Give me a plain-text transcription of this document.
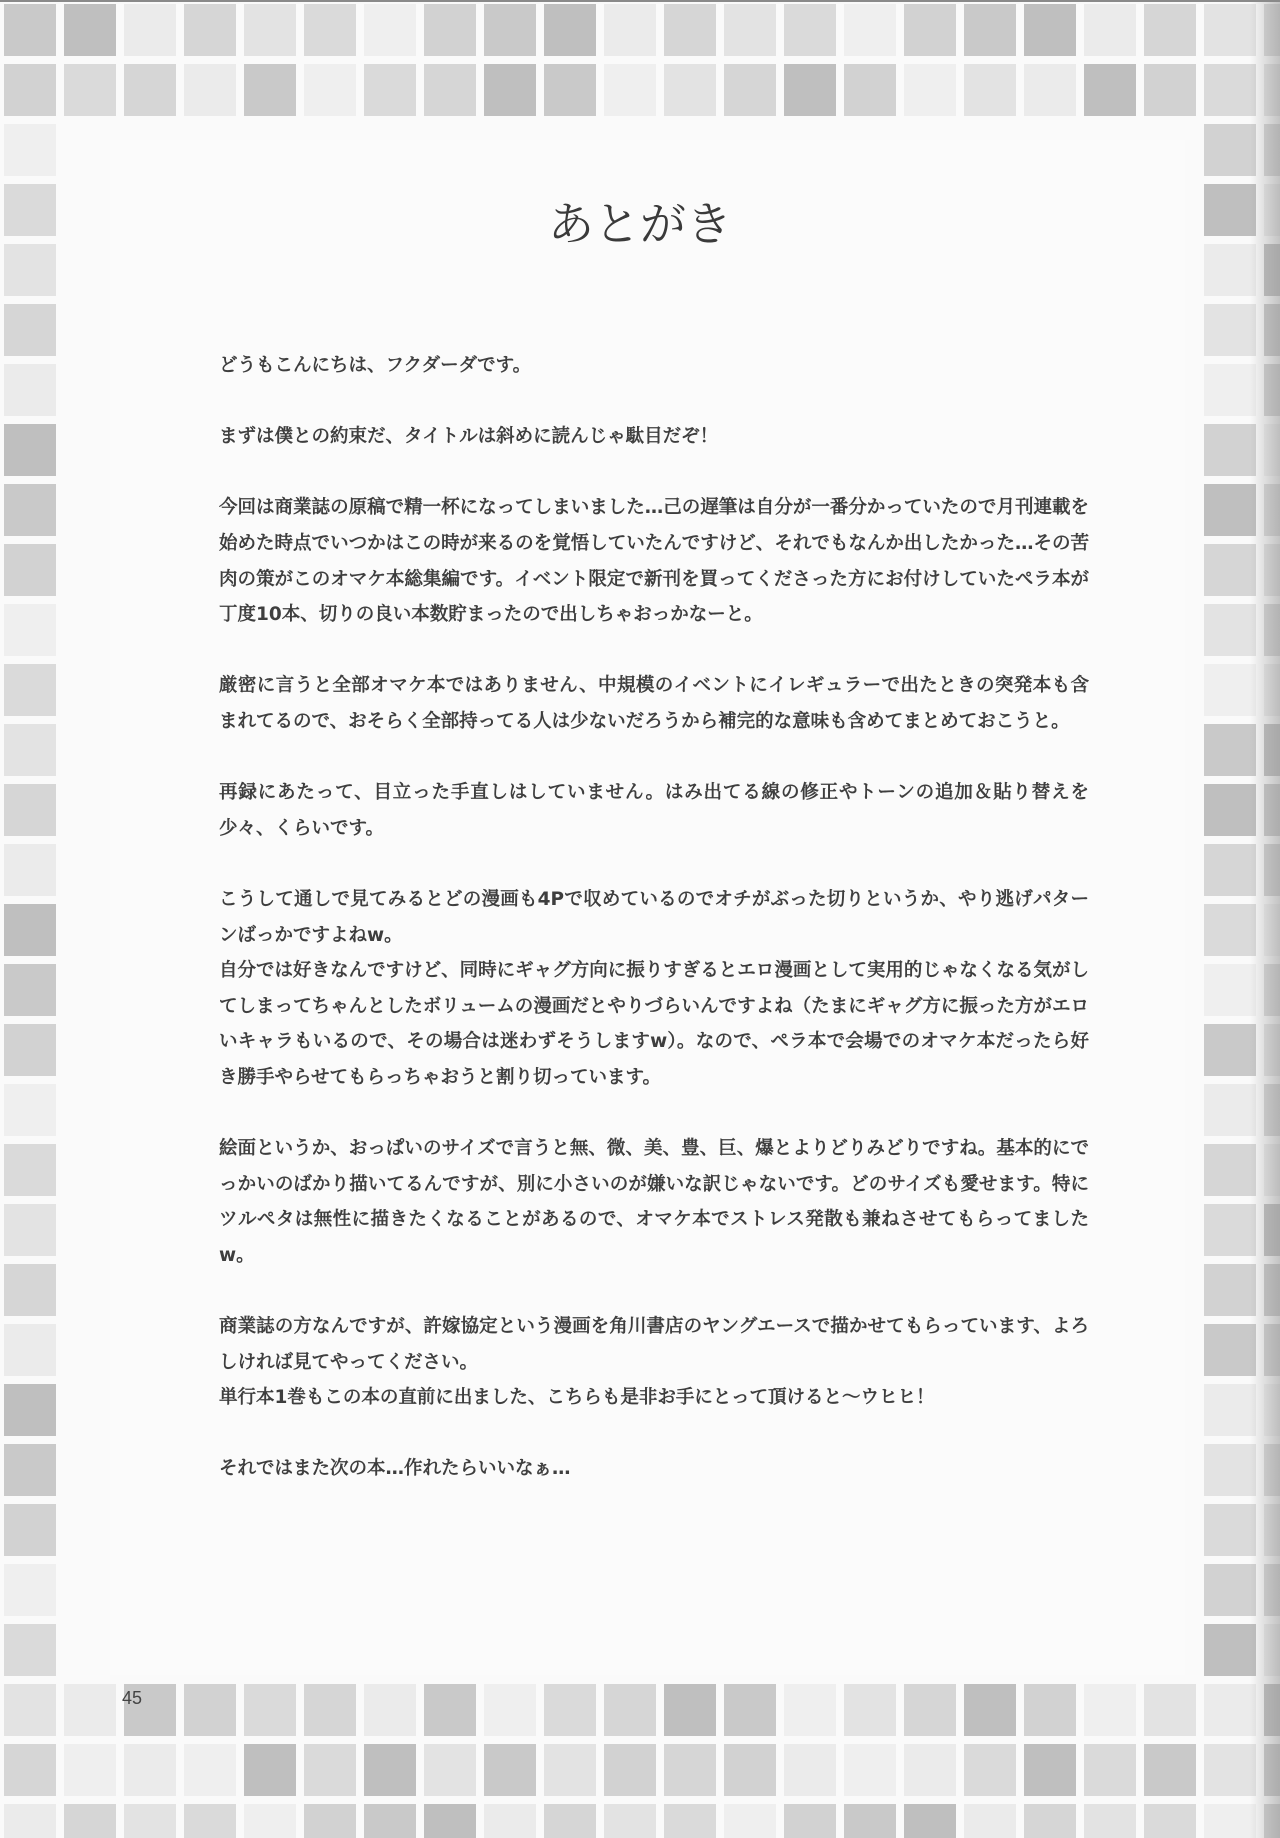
あとがき

どうもこんにちは、フクダーダです。

まずは僕との約束だ、タイトルは斜めに読んじゃ駄目だぞ！

今回は商業誌の原稿で精一杯になってしまいました…己の遅筆は自分が一番分かっていたので月刊連載を始めた時点でいつかはこの時が来るのを覚悟していたんですけど、それでもなんか出したかった…その苦肉の策がこのオマケ本総集編です。イベント限定で新刊を買ってくださった方にお付けしていたペラ本が丁度10本、切りの良い本数貯まったので出しちゃおっかなーと。

厳密に言うと全部オマケ本ではありません、中規模のイベントにイレギュラーで出たときの突発本も含まれてるので、おそらく全部持ってる人は少ないだろうから補完的な意味も含めてまとめておこうと。

再録にあたって、目立った手直しはしていません。はみ出てる線の修正やトーンの追加＆貼り替えを少々、くらいです。

こうして通しで見てみるとどの漫画も4Pで収めているのでオチがぶった切りというか、やり逃げパターンばっかですよねw。
自分では好きなんですけど、同時にギャグ方向に振りすぎるとエロ漫画として実用的じゃなくなる気がしてしまってちゃんとしたボリュームの漫画だとやりづらいんですよね（たまにギャグ方に振った方がエロいキャラもいるので、その場合は迷わずそうしますw）。なので、ペラ本で会場でのオマケ本だったら好き勝手やらせてもらっちゃおうと割り切っています。

絵面というか、おっぱいのサイズで言うと無、微、美、豊、巨、爆とよりどりみどりですね。基本的にでっかいのばかり描いてるんですが、別に小さいのが嫌いな訳じゃないです。どのサイズも愛せます。特にツルペタは無性に描きたくなることがあるので、オマケ本でストレス発散も兼ねさせてもらってましたw。

商業誌の方なんですが、許嫁協定という漫画を角川書店のヤングエースで描かせてもらっています、よろしければ見てやってください。
単行本1巻もこの本の直前に出ました、こちらも是非お手にとって頂けると～ウヒヒ！

それではまた次の本…作れたらいいなぁ…

45
